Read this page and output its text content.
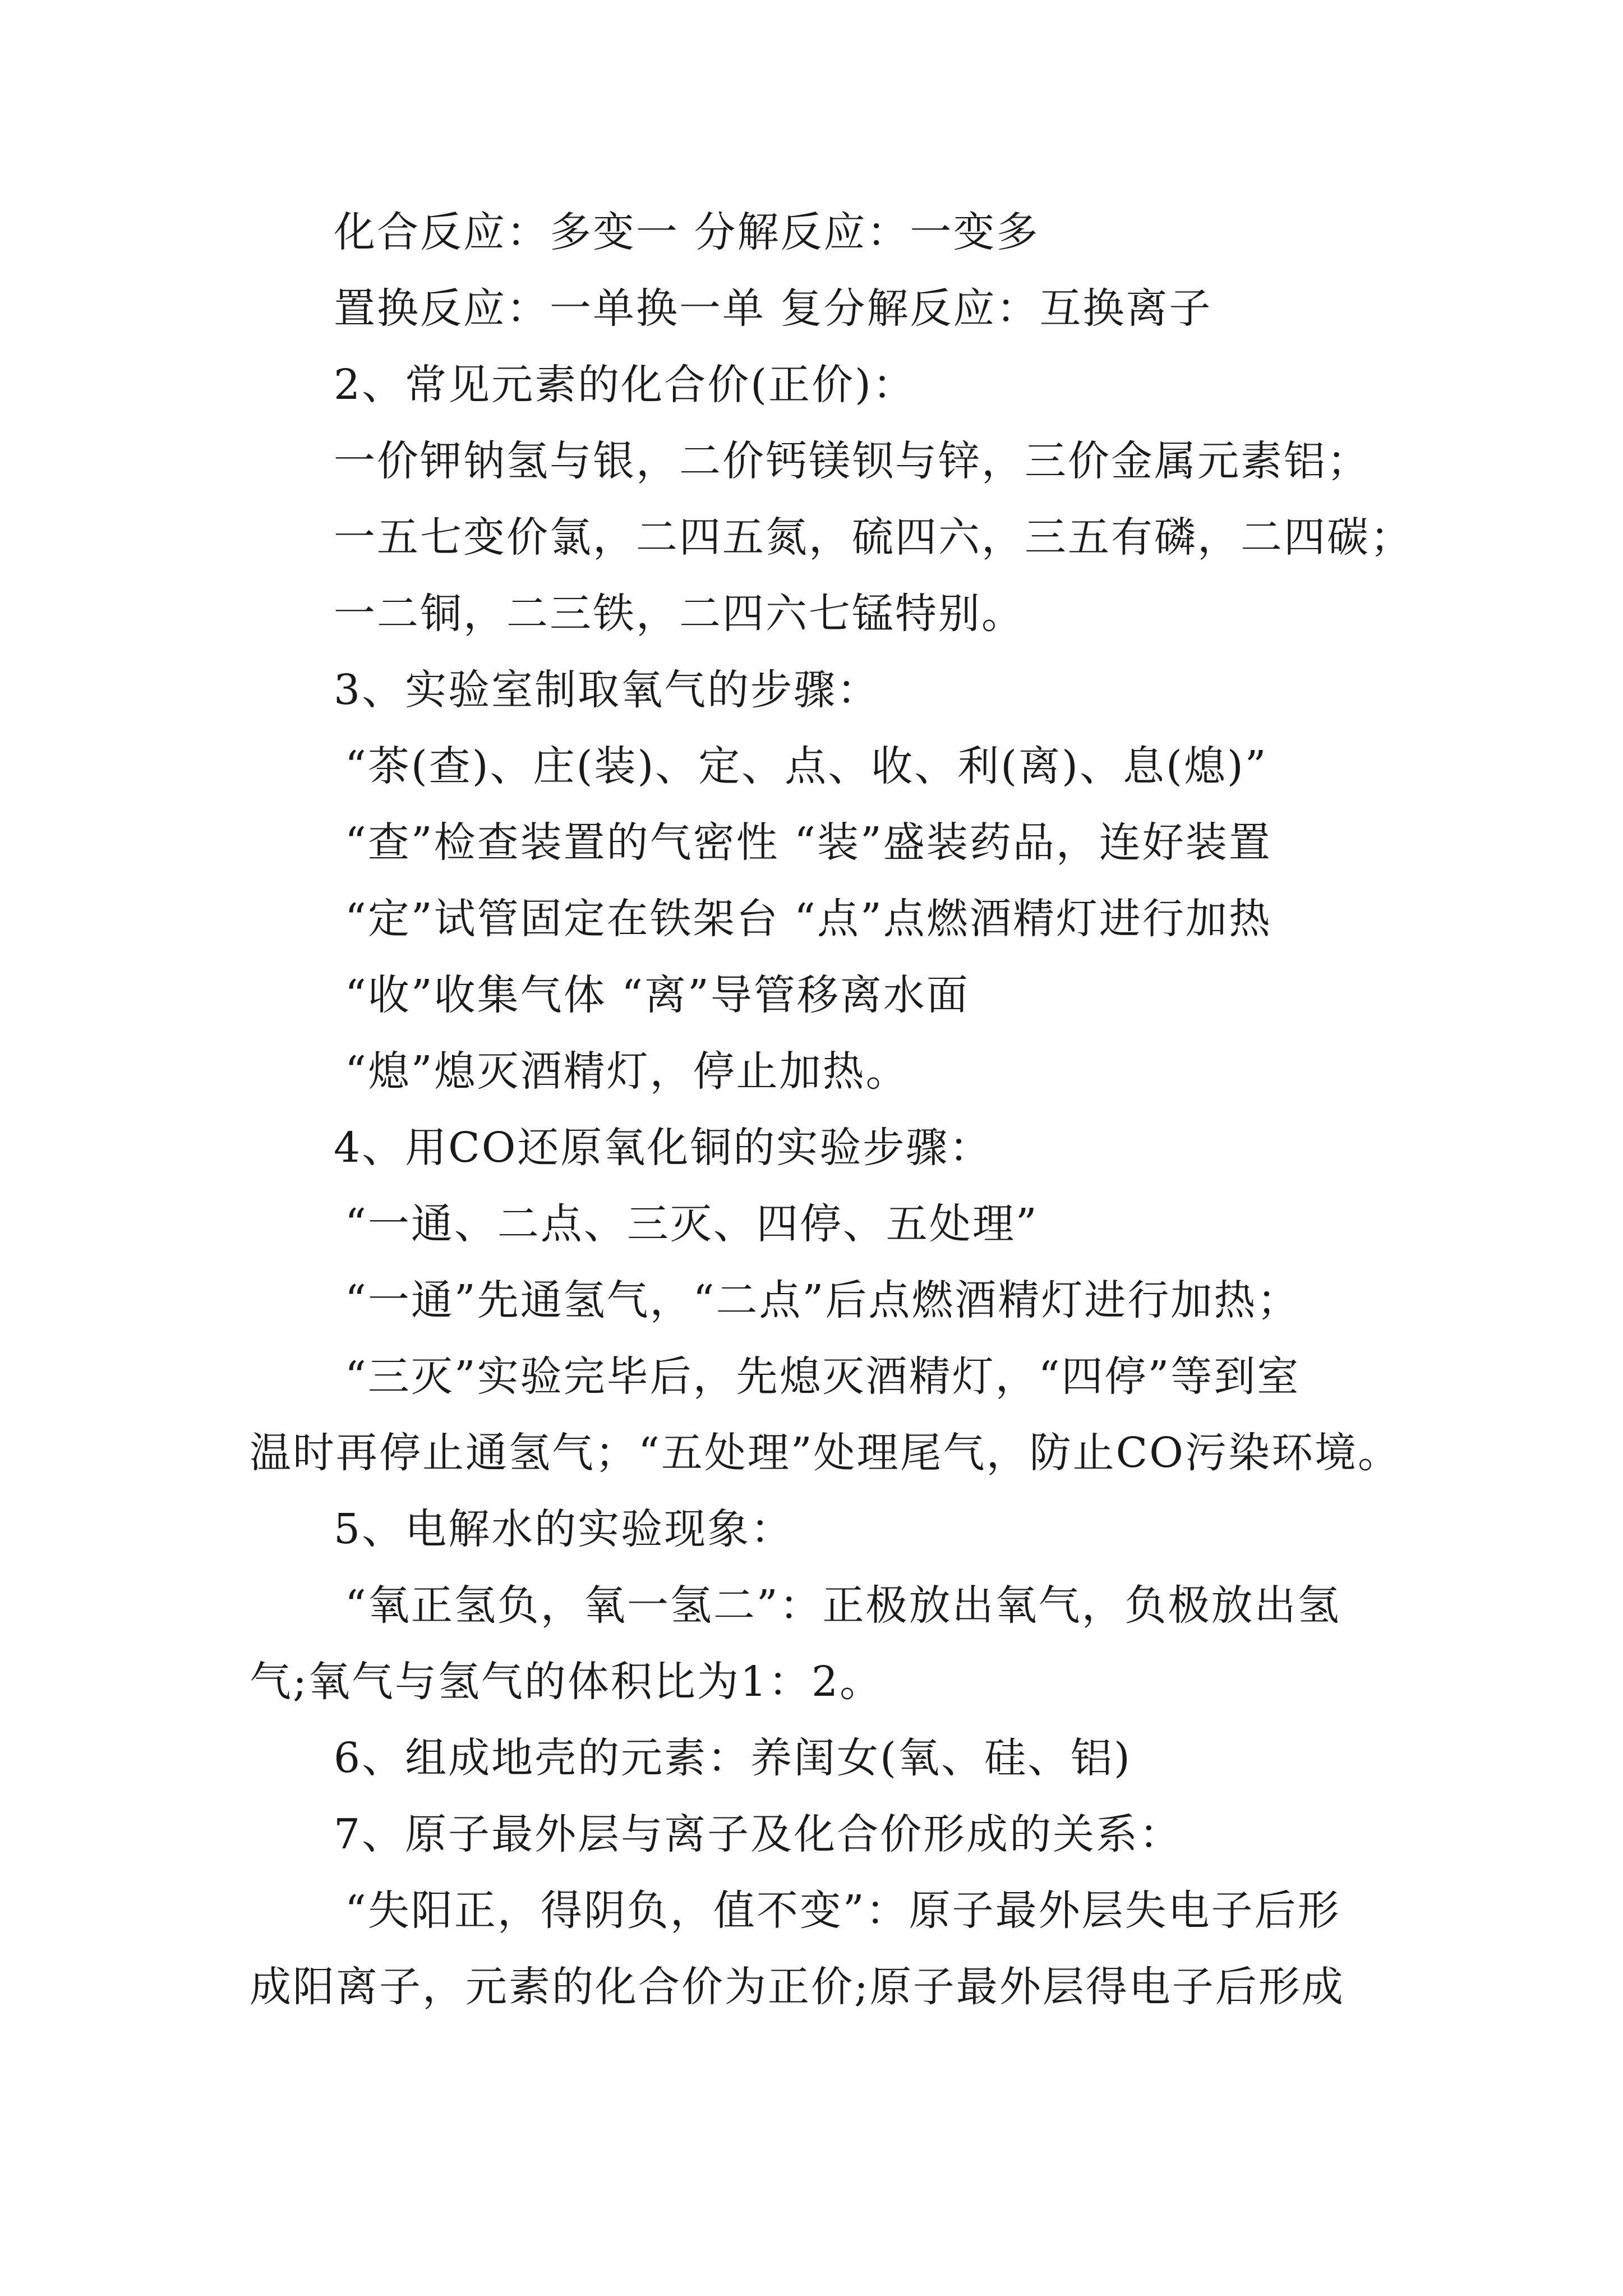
化合反应：多变一 分解反应：一变多
置换反应：一单换一单 复分解反应：互换离子
2、常见元素的化合价(正价)：
一价钾钠氢与银，二价钙镁钡与锌，三价金属元素铝；
一五七变价氯，二四五氮，硫四六，三五有磷，二四碳；
一二铜，二三铁，二四六七锰特别。
3、实验室制取氧气的步骤：
“茶(查)、庄(装)、定、点、收、利(离)、息(熄)”
“查”检查装置的气密性 “装”盛装药品，连好装置
“定”试管固定在铁架台 “点”点燃酒精灯进行加热
“收”收集气体 “离”导管移离水面
“熄”熄灭酒精灯，停止加热。
4、用CO还原氧化铜的实验步骤：
“一通、二点、三灭、四停、五处理”
“一通”先通氢气，“二点”后点燃酒精灯进行加热；
“三灭”实验完毕后，先熄灭酒精灯，“四停”等到室
温时再停止通氢气；“五处理”处理尾气，防止CO污染环境。
5、电解水的实验现象：
“氧正氢负，氧一氢二”：正极放出氧气，负极放出氢
气;氧气与氢气的体积比为1：2。
6、组成地壳的元素：养闺女(氧、硅、铝)
7、原子最外层与离子及化合价形成的关系：
“失阳正，得阴负，值不变”：原子最外层失电子后形
成阳离子，元素的化合价为正价;原子最外层得电子后形成
